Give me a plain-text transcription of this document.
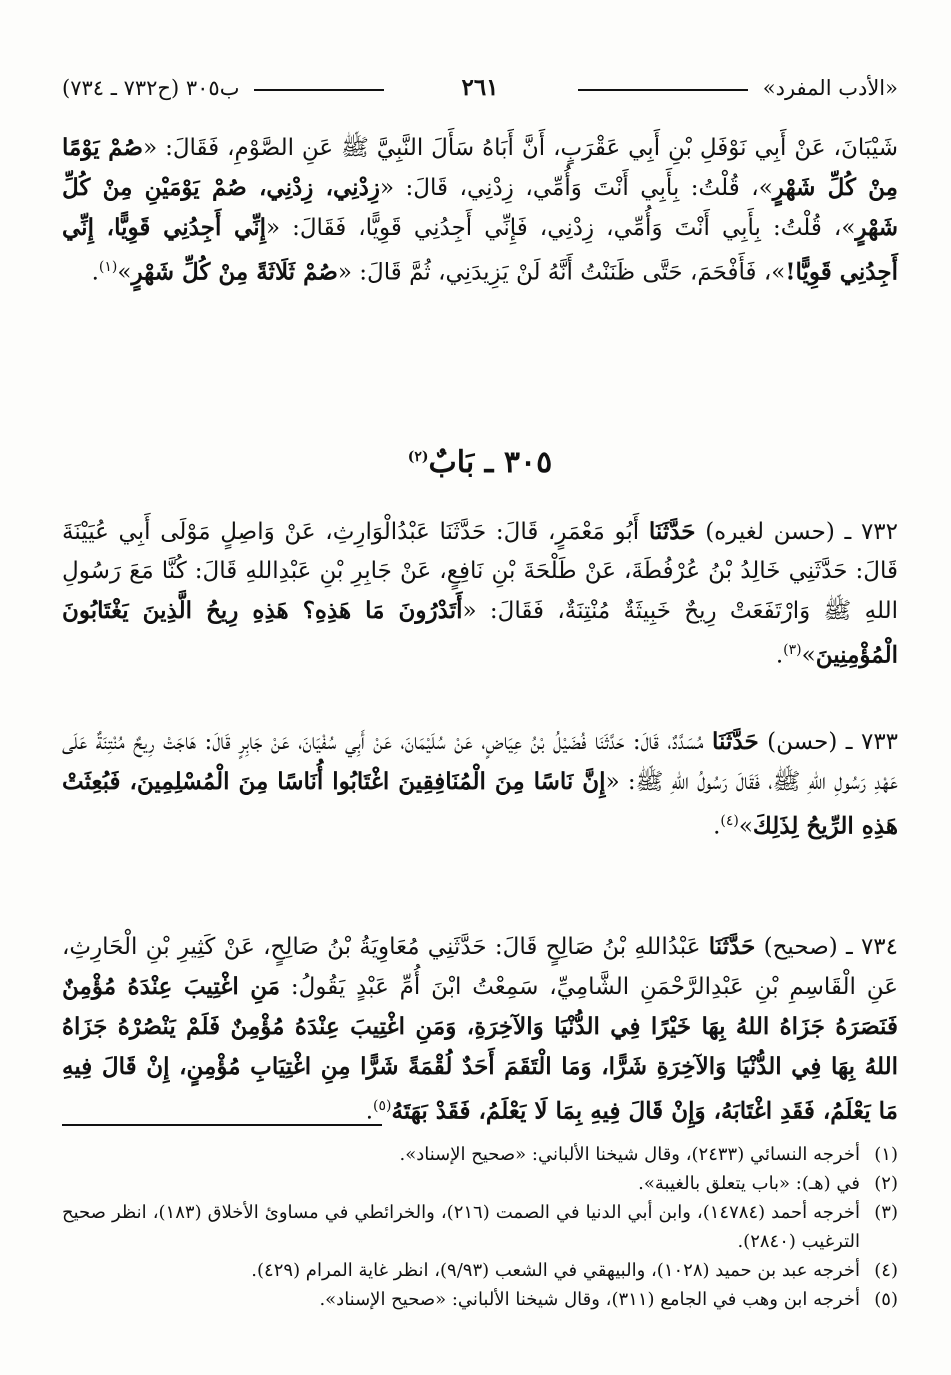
«الأدب المفرد»
٢٦١
ب٣٠٥ (ح٧٣٢ ـ ٧٣٤)
شَيْبَانَ، عَنْ أَبِي نَوْفَلِ بْنِ أَبِي عَقْرَبٍ، أَنَّ أَبَاهُ سَأَلَ النَّبِيَّ ﷺ عَنِ الصَّوْمِ، فَقَالَ: «صُمْ يَوْمًا مِنْ كُلِّ شَهْرٍ»، قُلْتُ: بِأَبِي أَنْتَ وَأُمِّي، زِدْنِي، قَالَ: «زِدْنِي، زِدْنِي، صُمْ يَوْمَيْنِ مِنْ كُلِّ شَهْرٍ»، قُلْتُ: بِأَبِي أَنْتَ وَأُمِّي، زِدْنِي، فَإِنِّي أَجِدُنِي قَوِيًّا، فَقَالَ: «إِنِّي أَجِدُنِي قَوِيًّا، إِنِّي أَجِدُنِي قَوِيًّا!»، فَأَفْحَمَ، حَتَّى ظَنَنْتُ أَنَّهُ لَنْ يَزِيدَنِي، ثُمَّ قَالَ: «صُمْ ثَلَاثَةً مِنْ كُلِّ شَهْرٍ»$^{(١)}$.
٣٠٥ ـ بَابٌ$^{(٢)}$
٧٣٢ ـ (حسن لغيره) حَدَّثَنَا أَبُو مَعْمَرٍ، قَالَ: حَدَّثَنَا عَبْدُالْوَارِثِ، عَنْ وَاصِلٍ مَوْلَى أَبِي عُيَيْنَةَ قَالَ: حَدَّثَنِي خَالِدُ بْنُ عُرْفُطَةَ، عَنْ طَلْحَةَ بْنِ نَافِعٍ، عَنْ جَابِرِ بْنِ عَبْدِاللهِ قَالَ: كُنَّا مَعَ رَسُولِ اللهِ ﷺ وَارْتَفَعَتْ رِيحٌ خَبِيثَةٌ مُنْتِنَةٌ، فَقَالَ: «أَتَدْرُونَ مَا هَذِهِ؟ هَذِهِ رِيحُ الَّذِينَ يَغْتَابُونَ الْمُؤْمِنِينَ»$^{(٣)}$.
٧٣٣ ـ (حسن) حَدَّثَنَا مُسَدَّدٌ، قَالَ: حَدَّثَنَا فُضَيْلُ بْنُ عِيَاضٍ، عَنْ سُلَيْمَانَ، عَنْ أَبِي سُفْيَانَ، عَنْ جَابِرٍ قَالَ: هَاجَتْ رِيحٌ مُنْتِنَةٌ عَلَى عَهْدِ رَسُولِ اللهِ ﷺ، فَقَالَ رَسُولُ اللهِ ﷺ: «إِنَّ نَاسًا مِنَ الْمُنَافِقِينَ اغْتَابُوا أُنَاسًا مِنَ الْمُسْلِمِينَ، فَبُعِثَتْ هَذِهِ الرِّيحُ لِذَلِكَ»$^{(٤)}$.
٧٣٤ ـ (صحيح) حَدَّثَنَا عَبْدُاللهِ بْنُ صَالِحٍ قَالَ: حَدَّثَنِي مُعَاوِيَةُ بْنُ صَالِحٍ، عَنْ كَثِيرِ بْنِ الْحَارِثِ، عَنِ الْقَاسِمِ بْنِ عَبْدِالرَّحْمَنِ الشَّامِيِّ، سَمِعْتُ ابْنَ أُمِّ عَبْدٍ يَقُولُ: مَنِ اغْتِيبَ عِنْدَهُ مُؤْمِنٌ فَنَصَرَهُ جَزَاهُ اللهُ بِهَا خَيْرًا فِي الدُّنْيَا وَالآخِرَةِ، وَمَنِ اغْتِيبَ عِنْدَهُ مُؤْمِنٌ فَلَمْ يَنْصُرْهُ جَزَاهُ اللهُ بِهَا فِي الدُّنْيَا وَالآخِرَةِ شَرًّا، وَمَا الْتَقَمَ أَحَدٌ لُقْمَةً شَرًّا مِنِ اغْتِيَابِ مُؤْمِنٍ، إِنْ قَالَ فِيهِ مَا يَعْلَمُ، فَقَدِ اغْتَابَهُ، وَإِنْ قَالَ فِيهِ بِمَا لَا يَعْلَمُ، فَقَدْ بَهَتَهُ$^{(٥)}$.
(١)
أخرجه النسائي (٢٤٣٣)، وقال شيخنا الألباني: «صحيح الإسناد».
(٢)
في (هـ): «باب يتعلق بالغيبة».
(٣)
أخرجه أحمد (١٤٧٨٤)، وابن أبي الدنيا في الصمت (٢١٦)، والخرائطي في مساوئ الأخلاق (١٨٣)، انظر صحيح الترغيب (٢٨٤٠).
(٤)
أخرجه عبد بن حميد (١٠٢٨)، والبيهقي في الشعب (٩/٩٣)، انظر غاية المرام (٤٢٩).
(٥)
أخرجه ابن وهب في الجامع (٣١١)، وقال شيخنا الألباني: «صحيح الإسناد».
